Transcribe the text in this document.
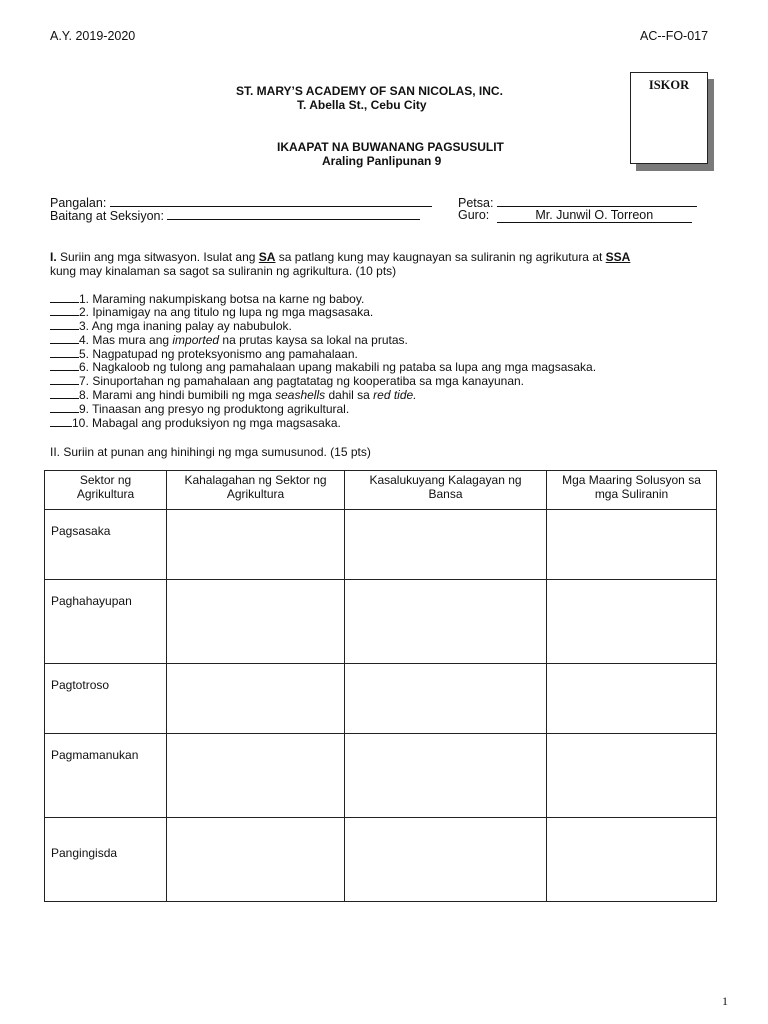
A.Y. 2019-2020	AC--FO-017
ST. MARY’S ACADEMY OF SAN NICOLAS, INC.
T. Abella St., Cebu City
ISKOR
IKAAPAT NA BUWANANG PAGSUSULIT
Araling Panlipunan 9
Pangalan:	Petsa:
Baitang at Seksiyon:	Guro:	Mr. Junwil O. Torreon
I. Suriin ang mga sitwasyon. Isulat ang SA sa patlang kung may kaugnayan sa suliranin ng agrikutura at SSA
kung may kinalaman sa sagot sa suliranin ng agrikultura. (10 pts)
1. Maraming nakumpiskang botsa na karne ng baboy.
2. Ipinamigay na ang titulo ng lupa ng mga magsasaka.
3. Ang mga inaning palay ay nabubulok.
4. Mas mura ang imported na prutas kaysa sa lokal na prutas.
5. Nagpatupad ng proteksyonismo ang pamahalaan.
6. Nagkaloob ng tulong ang pamahalaan upang makabili ng pataba sa lupa ang mga magsasaka.
7. Sinuportahan ng pamahalaan ang pagtatatag ng kooperatiba sa mga kanayunan.
8. Marami ang hindi bumibili ng mga seashells dahil sa red tide.
9. Tinaasan ang presyo ng produktong agrikultural.
10. Mabagal ang produksiyon ng mga magsasaka.
II. Suriin at punan ang hinihingi ng mga sumusunod. (15 pts)
Sektor ng Agrikultura	Kahalagahan ng Sektor ng Agrikultura	Kasalukuyang Kalagayan ng Bansa	Mga Maaring Solusyon sa mga Suliranin

Pagsasaka			

Paghahayupan			

Pagtotroso			

Pagmamanukan			

Pangingisda			

1
